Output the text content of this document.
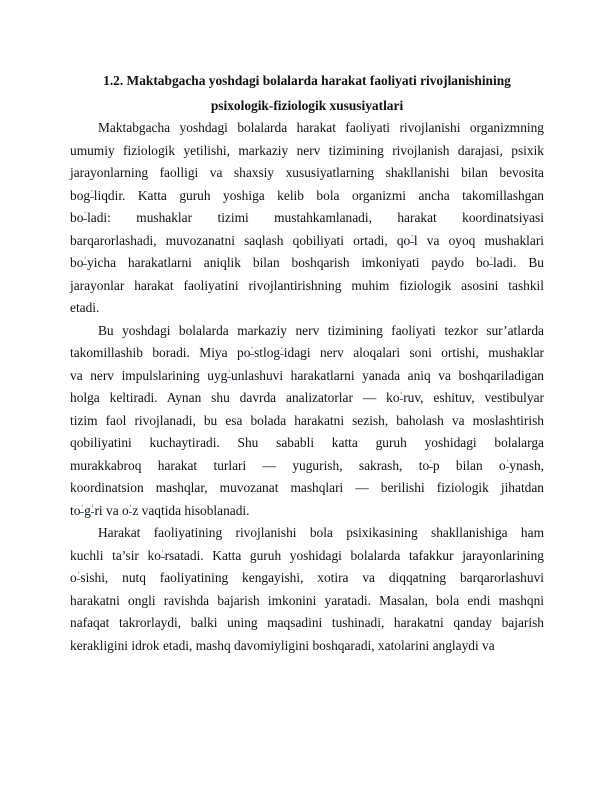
1.2. Maktabgacha yoshdagi bolalarda harakat faoliyati rivojlanishining
psixologik-fiziologik xususiyatlari
Maktabgacha yoshdagi bolalarda harakat faoliyati rivojlanishi organizmning
umumiy fiziologik yetilishi, markaziy nerv tizimining rivojlanish darajasi, psixik
jarayonlarning faolligi va shaxsiy xususiyatlarning shakllanishi bilan bevosita
bogʻliqdir. Katta guruh yoshiga kelib bola organizmi ancha takomillashgan
boʻladi: mushaklar tizimi mustahkamlanadi, harakat koordinatsiyasi
barqarorlashadi, muvozanatni saqlash qobiliyati ortadi, qoʻl va oyoq mushaklari
boʻyicha harakatlarni aniqlik bilan boshqarish imkoniyati paydo boʻladi. Bu
jarayonlar harakat faoliyatini rivojlantirishning muhim fiziologik asosini tashkil
etadi.
Bu yoshdagi bolalarda markaziy nerv tizimining faoliyati tezkor sur’atlarda
takomillashib boradi. Miya poʻstlogʻidagi nerv aloqalari soni ortishi, mushaklar
va nerv impulslarining uygʻunlashuvi harakatlarni yanada aniq va boshqariladigan
holga keltiradi. Aynan shu davrda analizatorlar — koʻruv, eshituv, vestibulyar
tizim faol rivojlanadi, bu esa bolada harakatni sezish, baholash va moslashtirish
qobiliyatini kuchaytiradi. Shu sababli katta guruh yoshidagi bolalarga
murakkabroq harakat turlari — yugurish, sakrash, toʻp bilan oʻynash,
koordinatsion mashqlar, muvozanat mashqlari — berilishi fiziologik jihatdan
toʻgʻri va oʻz vaqtida hisoblanadi.
Harakat faoliyatining rivojlanishi bola psixikasining shakllanishiga ham
kuchli ta’sir koʻrsatadi. Katta guruh yoshidagi bolalarda tafakkur jarayonlarining
oʻsishi, nutq faoliyatining kengayishi, xotira va diqqatning barqarorlashuvi
harakatni ongli ravishda bajarish imkonini yaratadi. Masalan, bola endi mashqni
nafaqat takrorlaydi, balki uning maqsadini tushinadi, harakatni qanday bajarish
kerakligini idrok etadi, mashq davomiyligini boshqaradi, xatolarini anglaydi va
